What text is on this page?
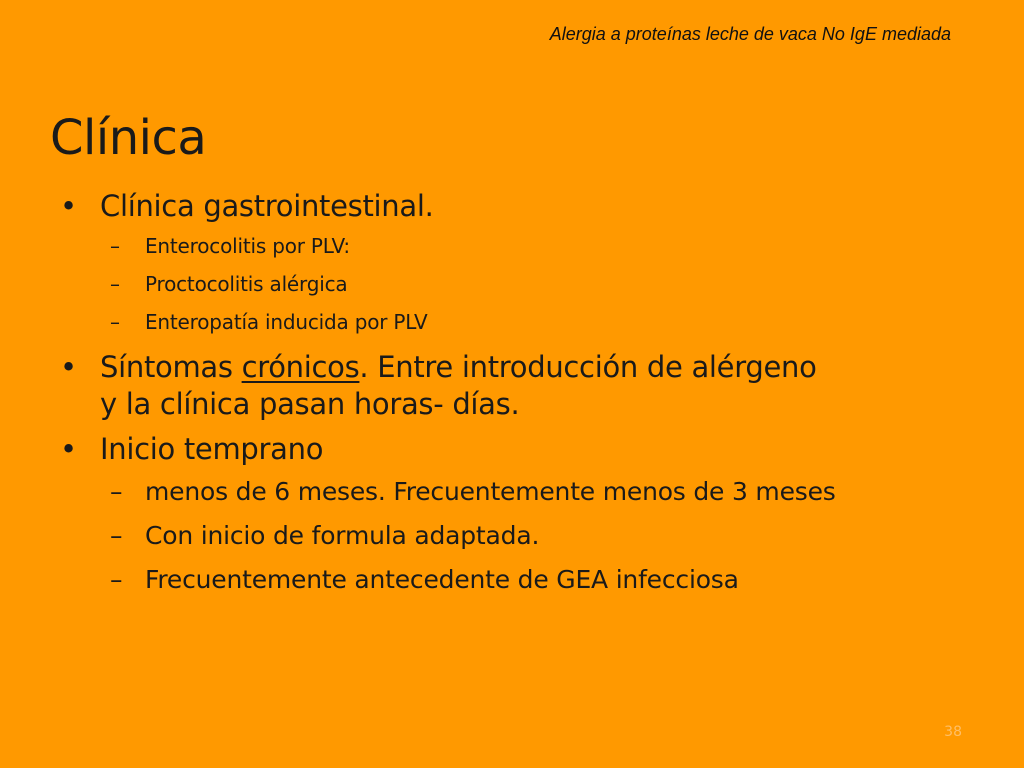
Alergia a proteínas leche de vaca No IgE mediada
Clínica
• Clínica gastrointestinal.
– Enterocolitis por PLV:
– Proctocolitis alérgica
– Enteropatía inducida por PLV
• Síntomas crónicos. Entre introducción de alérgeno
y la clínica pasan horas- días.
• Inicio temprano
– menos de 6 meses. Frecuentemente menos de 3 meses
– Con inicio de formula adaptada.
– Frecuentemente antecedente de GEA infecciosa
38
